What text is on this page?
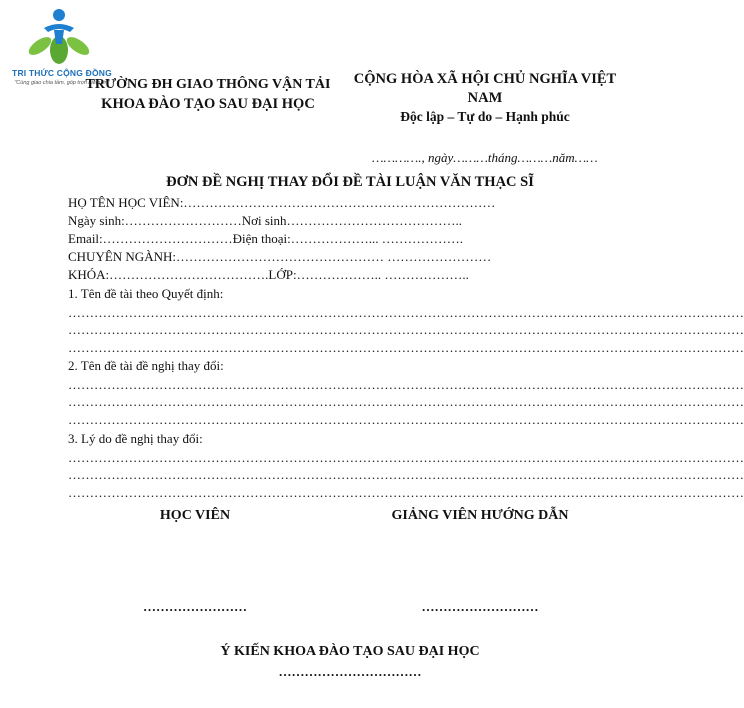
TRI THỨC CỘNG ĐỒNG
"Cùng giao chia tầm, góp trọn niềm tin"
TRƯỜNG ĐH GIAO THÔNG VẬN TẢI
KHOA ĐÀO TẠO SAU ĐẠI HỌC
CỘNG HÒA XÃ HỘI CHỦ NGHĨA VIỆT
NAM
Độc lập – Tự do – Hạnh phúc
…………., ngày………tháng………năm……
ĐƠN ĐỀ NGHỊ THAY ĐỔI ĐỀ TÀI LUẬN VĂN THẠC SĨ
HỌ TÊN HỌC VIÊN:………………………………………………………………
Ngày sinh:………………………Nơi sinh…………………………………..
Email:…………………………Điện thoại:………………... ……………….
CHUYÊN NGÀNH:………………………………………… ……………………
KHÓA:……………………………….LỚP:……………….. ………………..
1. Tên đề tài theo Quyết định:
…………………………………………………………………………………………………………………………………………
…………………………………………………………………………………………………………………………………………
…………………………………………………………………………………………………………………………………………
2. Tên đề tài đề nghị thay đổi:
…………………………………………………………………………………………………………………………………………
…………………………………………………………………………………………………………………………………………
…………………………………………………………………………………………………………………………………………
3. Lý do đề nghị thay đổi:
…………………………………………………………………………………………………………………………………………
…………………………………………………………………………………………………………………………………………
…………………………………………………………………………………………………………………………………………
HỌC VIÊN	GIẢNG VIÊN HƯỚNG DẪN
……………………	………………………
Ý KIẾN KHOA ĐÀO TẠO SAU ĐẠI HỌC
……………………………
